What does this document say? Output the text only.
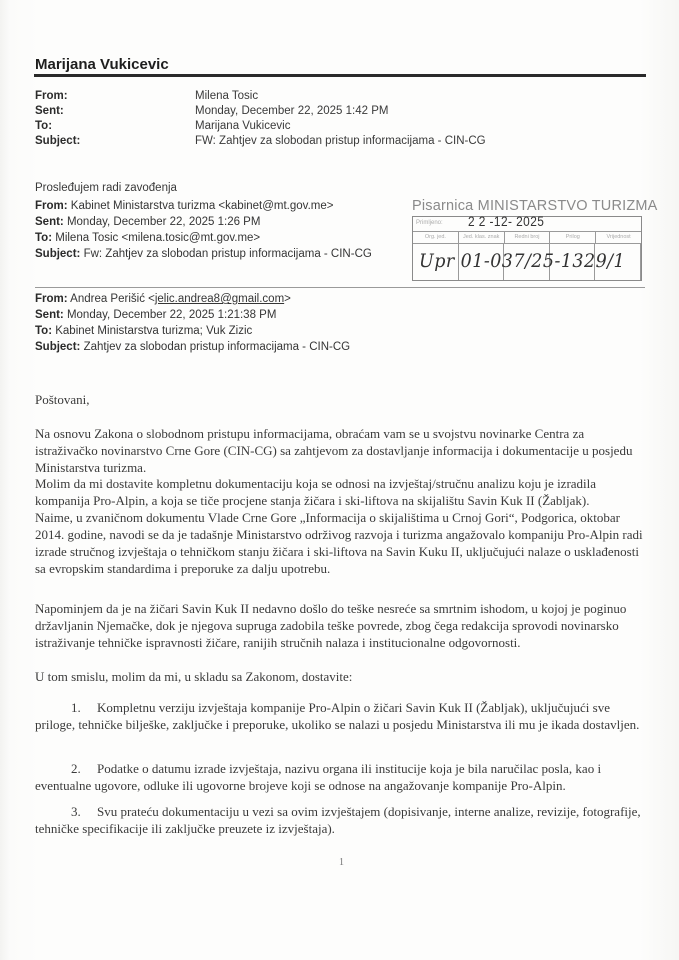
Marijana Vukicevic
From:	Milena Tosic
Sent:	Monday, December 22, 2025 1:42 PM
To:	Marijana Vukicevic
Subject:	FW: Zahtjev za slobodan pristup informacijama - CIN-CG
Prosleđujem radi zavođenja
From: Kabinet Ministarstva turizma <kabinet@mt.gov.me>
Sent: Monday, December 22, 2025 1:26 PM
To: Milena Tosic <milena.tosic@mt.gov.me>
Subject: Fw: Zahtjev za slobodan pristup informacijama - CIN-CG
Pisarnica MINISTARSTVO TURIZMA
Primljeno: 2 2 -12- 2025
Org. jed.	Jed. klas. znak	Redni broj	Prilog	Vrijednost
Upr 01-037/25-1329/1
From: Andrea Perišić <jelic.andrea8@gmail.com>
Sent: Monday, December 22, 2025 1:21:38 PM
To: Kabinet Ministarstva turizma; Vuk Zizic
Subject: Zahtjev za slobodan pristup informacijama - CIN-CG

Poštovani,

Na osnovu Zakona o slobodnom pristupu informacijama, obraćam vam se u svojstvu novinarke Centra za istraživačko novinarstvo Crne Gore (CIN-CG) sa zahtjevom za dostavljanje informacija i dokumentacije u posjedu Ministarstva turizma.

Molim da mi dostavite kompletnu dokumentaciju koja se odnosi na izvještaj/stručnu analizu koju je izradila kompanija Pro-Alpin, a koja se tiče procjene stanja žičara i ski-liftova na skijalištu Savin Kuk II (Žabljak).

Naime, u zvaničnom dokumentu Vlade Crne Gore „Informacija o skijalištima u Crnoj Gori“, Podgorica, oktobar 2014. godine, navodi se da je tadašnje Ministarstvo održivog razvoja i turizma angažovalo kompaniju Pro-Alpin radi izrade stručnog izvještaja o tehničkom stanju žičara i ski-liftova na Savin Kuku II, uključujući nalaze o usklađenosti sa evropskim standardima i preporuke za dalju upotrebu.

Napominjem da je na žičari Savin Kuk II nedavno došlo do teške nesreće sa smrtnim ishodom, u kojoj je poginuo državljanin Njemačke, dok je njegova supruga zadobila teške povrede, zbog čega redakcija sprovodi novinarsko istraživanje tehničke ispravnosti žičare, ranijih stručnih nalaza i institucionalne odgovornosti.

U tom smislu, molim da mi, u skladu sa Zakonom, dostavite:

1. Kompletnu verziju izvještaja kompanije Pro-Alpin o žičari Savin Kuk II (Žabljak), uključujući sve priloge, tehničke bilješke, zaključke i preporuke, ukoliko se nalazi u posjedu Ministarstva ili mu je ikada dostavljen.
2. Podatke o datumu izrade izvještaja, nazivu organa ili institucije koja je bila naručilac posla, kao i eventualne ugovore, odluke ili ugovorne brojeve koji se odnose na angažovanje kompanije Pro-Alpin.
3. Svu prateću dokumentaciju u vezi sa ovim izvještajem (dopisivanje, interne analize, revizije, fotografije, tehničke specifikacije ili zaključke preuzete iz izvještaja).
1
